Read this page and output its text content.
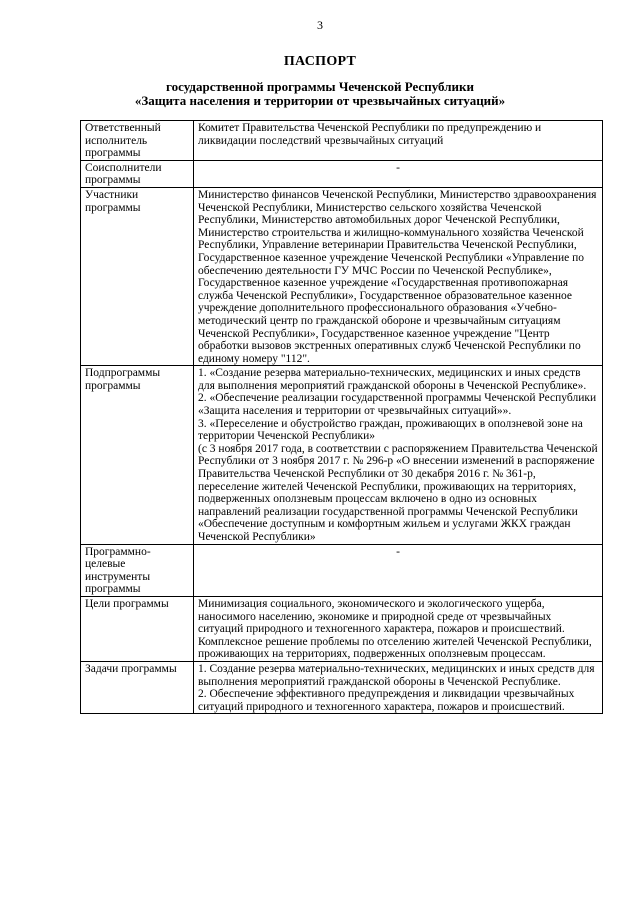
3
ПАСПОРТ
государственной программы Чеченской Республики
«Защита населения и территории от чрезвычайных ситуаций»
Ответственный исполнитель программы	Комитет Правительства Чеченской Республики по предупреждению и ликвидации последствий чрезвычайных ситуаций

Соисполнители программы	-

Участники программы	Министерство финансов Чеченской Республики, Министерство здравоохранения Чеченской Республики, Министерство сельского хозяйства Чеченской Республики, Министерство автомобильных дорог Чеченской Республики, Министерство строительства и жилищно-коммунального хозяйства Чеченской Республики, Управление ветеринарии Правительства Чеченской Республики, Государственное казенное учреждение Чеченской Республики «Управление по обеспечению деятельности ГУ МЧС России по Чеченской Республике», Государственное казенное учреждение «Государственная противопожарная служба Чеченской Республики», Государственное образовательное казенное учреждение дополнительного профессионального образования «Учебно-методический центр по гражданской обороне и чрезвычайным ситуациям Чеченской Республики», Государственное казенное учреждение "Центр обработки вызовов экстренных оперативных служб Чеченской Республики по единому номеру "112".

Подпрограммы программы	1. «Создание резерва материально-технических, медицинских и иных средств для выполнения мероприятий гражданской обороны в Чеченской Республике».
2. «Обеспечение реализации государственной программы Чеченской Республики «Защита населения и территории от чрезвычайных ситуаций»».
3. «Переселение и обустройство граждан, проживающих в оползневой зоне на территории Чеченской Республики»
(с 3 ноября 2017 года, в соответствии с распоряжением Правительства Чеченской Республики от 3 ноября 2017 г. № 296-р «О внесении изменений в распоряжение Правительства Чеченской Республики от 30 декабря 2016 г. № 361-р, переселение жителей Чеченской Республики, проживающих на территориях, подверженных оползневым процессам включено в одно из основных направлений реализации государственной программы Чеченской Республики «Обеспечение доступным и комфортным жильем и услугами ЖКХ граждан Чеченской Республики»

Программно-целевые инструменты программы	-

Цели программы	Минимизация социального, экономического и экологического ущерба, наносимого населению, экономике и природной среде от чрезвычайных ситуаций природного и техногенного характера, пожаров и происшествий.
Комплексное решение проблемы по отселению жителей Чеченской Республики, проживающих на территориях, подверженных оползневым процессам.

Задачи программы	1. Создание резерва материально-технических, медицинских и иных средств для выполнения мероприятий гражданской обороны в Чеченской Республике.
2. Обеспечение эффективного предупреждения и ликвидации чрезвычайных ситуаций природного и техногенного характера, пожаров и происшествий.
